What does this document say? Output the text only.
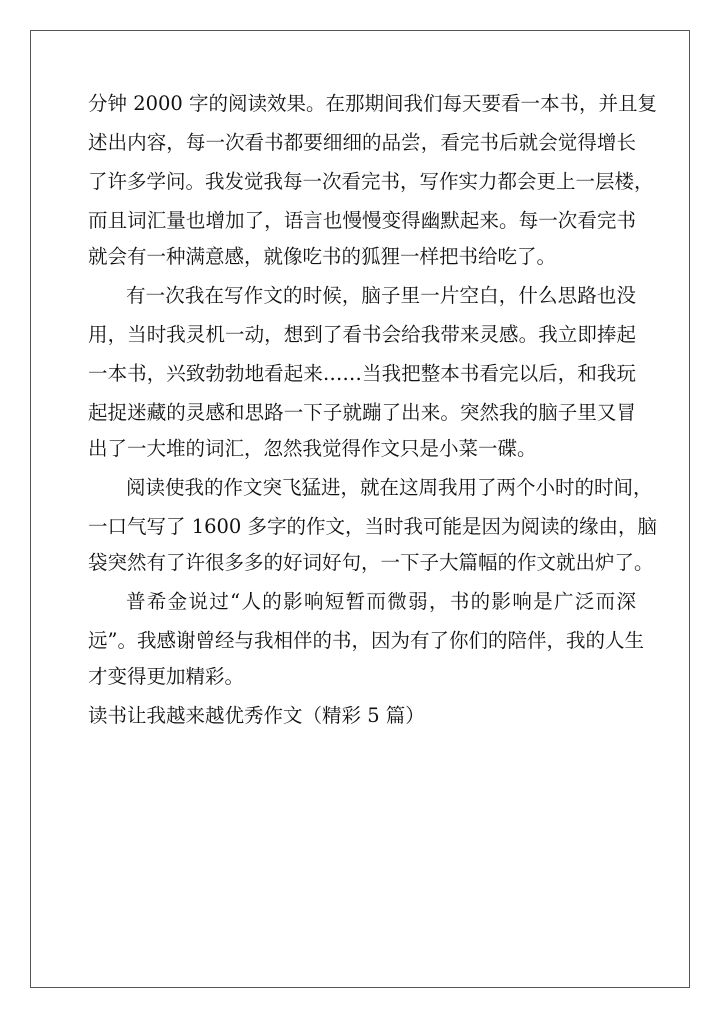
分钟 2000 字的阅读效果。在那期间我们每天要看一本书，并且复
述出内容，每一次看书都要细细的品尝，看完书后就会觉得增长
了许多学问。我发觉我每一次看完书，写作实力都会更上一层楼，
而且词汇量也增加了，语言也慢慢变得幽默起来。每一次看完书
就会有一种满意感，就像吃书的狐狸一样把书给吃了。
有一次我在写作文的时候，脑子里一片空白，什么思路也没
用，当时我灵机一动，想到了看书会给我带来灵感。我立即捧起
一本书，兴致勃勃地看起来……当我把整本书看完以后，和我玩
起捉迷藏的灵感和思路一下子就蹦了出来。突然我的脑子里又冒
出了一大堆的词汇，忽然我觉得作文只是小菜一碟。
阅读使我的作文突飞猛进，就在这周我用了两个小时的时间，
一口气写了 1600 多字的作文，当时我可能是因为阅读的缘由，脑
袋突然有了许很多多的好词好句，一下子大篇幅的作文就出炉了。
普希金说过“人的影响短暂而微弱，书的影响是广泛而深
远”。我感谢曾经与我相伴的书，因为有了你们的陪伴，我的人生
才变得更加精彩。
读书让我越来越优秀作文（精彩 5 篇）
